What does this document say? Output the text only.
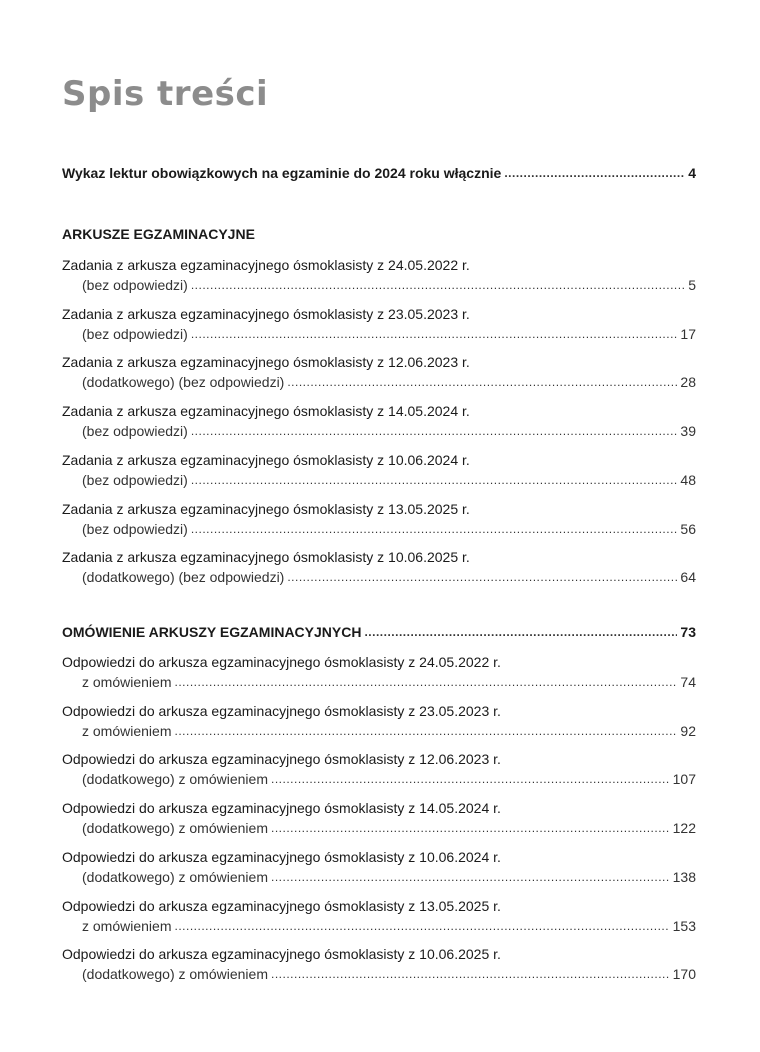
Spis treści
Wykaz lektur obowiązkowych na egzaminie do 2024 roku włącznie .....	4
ARKUSZE EGZAMINACYJNE
Zadania z arkusza egzaminacyjnego ósmoklasisty z 24.05.2022 r.
(bez odpowiedzi) .....	5
Zadania z arkusza egzaminacyjnego ósmoklasisty z 23.05.2023 r.
(bez odpowiedzi) .....	17
Zadania z arkusza egzaminacyjnego ósmoklasisty z 12.06.2023 r.
(dodatkowego) (bez odpowiedzi) .....	28
Zadania z arkusza egzaminacyjnego ósmoklasisty z 14.05.2024 r.
(bez odpowiedzi) .....	39
Zadania z arkusza egzaminacyjnego ósmoklasisty z 10.06.2024 r.
(bez odpowiedzi) .....	48
Zadania z arkusza egzaminacyjnego ósmoklasisty z 13.05.2025 r.
(bez odpowiedzi) .....	56
Zadania z arkusza egzaminacyjnego ósmoklasisty z 10.06.2025 r.
(dodatkowego) (bez odpowiedzi) .....	64
OMÓWIENIE ARKUSZY EGZAMINACYJNYCH .....	73
Odpowiedzi do arkusza egzaminacyjnego ósmoklasisty z 24.05.2022 r.
z omówieniem .....	74
Odpowiedzi do arkusza egzaminacyjnego ósmoklasisty z 23.05.2023 r.
z omówieniem .....	92
Odpowiedzi do arkusza egzaminacyjnego ósmoklasisty z 12.06.2023 r.
(dodatkowego) z omówieniem .....	107
Odpowiedzi do arkusza egzaminacyjnego ósmoklasisty z 14.05.2024 r.
(dodatkowego) z omówieniem .....	122
Odpowiedzi do arkusza egzaminacyjnego ósmoklasisty z 10.06.2024 r.
(dodatkowego) z omówieniem .....	138
Odpowiedzi do arkusza egzaminacyjnego ósmoklasisty z 13.05.2025 r.
z omówieniem .....	153
Odpowiedzi do arkusza egzaminacyjnego ósmoklasisty z 10.06.2025 r.
(dodatkowego) z omówieniem .....	170
